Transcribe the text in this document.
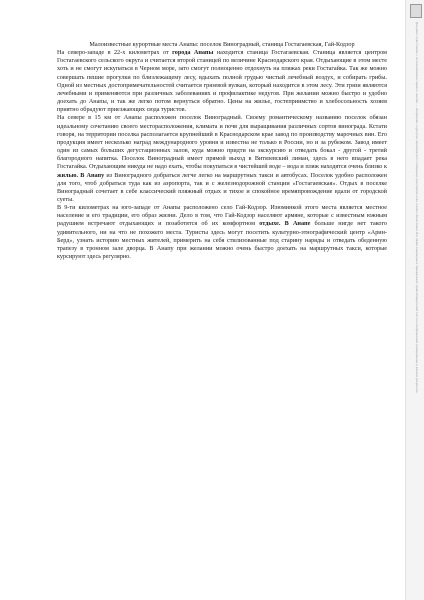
Малоизвестные курортные места Анапы: поселок Виноградный, станица Гостагаевская, Гай-Кодзор

На северо-западе в 22-х километрах от города Анапы находится станица Гостагаевская. Станица является центром Гостагаевского сельского округа и считается второй станицей по величине Краснодарского края. Отдыхающие в этом месте хоть и не смогут искупаться в Черном море, зато смогут полноценно отдохнуть на пляжах реки Гостагайка. Так же можно совершать пешие прогулки по близлежащему лесу, вдыхать полной грудью чистый лечебный воздух, и собирать грибы. Одной из местных достопримечательностей считается грязевой вулкан, который находится в этом лесу. Эти грязи являются лечебными и применяются при различных заболеваниях и профилактике недугов. При желании можно быстро и удобно доехать до Анапы, и так же легко потом вернуться обратно. Цены на жилье, гостеприимство и хлебосольность хозяев приятно обрадуют приезжающих сюда туристов.

На севере в 15 км от Анапы расположен поселок Виноградный. Своему романтическому названию поселок обязан идеальному сочетанию своего месторасположения, климата и почв для выращивания различных сортов винограда. Кстати говоря, на территории поселка располагается крупнейший в Краснодарском крае завод по производству марочных вин. Его продукция имеет несколько наград международного уровня и известна не только в России, но и за рубежом. Завод имеет один из самых больших дегустационных залов, куда можно придти на экскурсию и отведать бокал - другой - третий благородного напитка. Поселок Виноградный имеет прямой выход в Витязевский лиман, здесь в него впадает река Гостагайка. Отдыхающим никуда не надо ехать, чтобы покупаться в чистейшей воде – вода и пляж находятся очень близко к жилью. В Анапу из Виноградного добраться легче легко на маршрутных такси и автобусах. Поселок удобно расположен для того, чтоб добраться туда как из аэропорта, так и с железнодорожной станции «Гостагаевская». Отдых в поселке Виноградный сочетает в себе классический пляжный отдых и тихое и спокойное времяпровождение вдали от городской суеты.

В 9-ти километрах на юго-западе от Анапы расположено село Гай-Кодзор. Изюминкой этого места является местное население и его традиции, его образ жизни. Дело в том, что Гай-Кодзор населяют армяне, которые с известным южным радушием встречают отдыхающих и позаботятся об их комфортном отдыхе. В Анапе больше нигде нет такого удивительного, ни на что не похожего места. Туристы здесь могут посетить культурно-этнографический центр «Арин-Берд», узнать историю местных жителей, примерить на себя стилизованные под старину наряды и отведать обеденную трапезу в тронном зале дворца. В Анапу при желании можно очень быстро доехать на маршрутных такси, которые курсируют здесь регулярно.	Документ подготовлен с использованием сервиса «Анапа» — материалы о курортах Черноморского побережья; при перепечатке ссылка обязательна. Все права защищены и принадлежат правообладателям текста и изображений, размещённых в данном документе.
